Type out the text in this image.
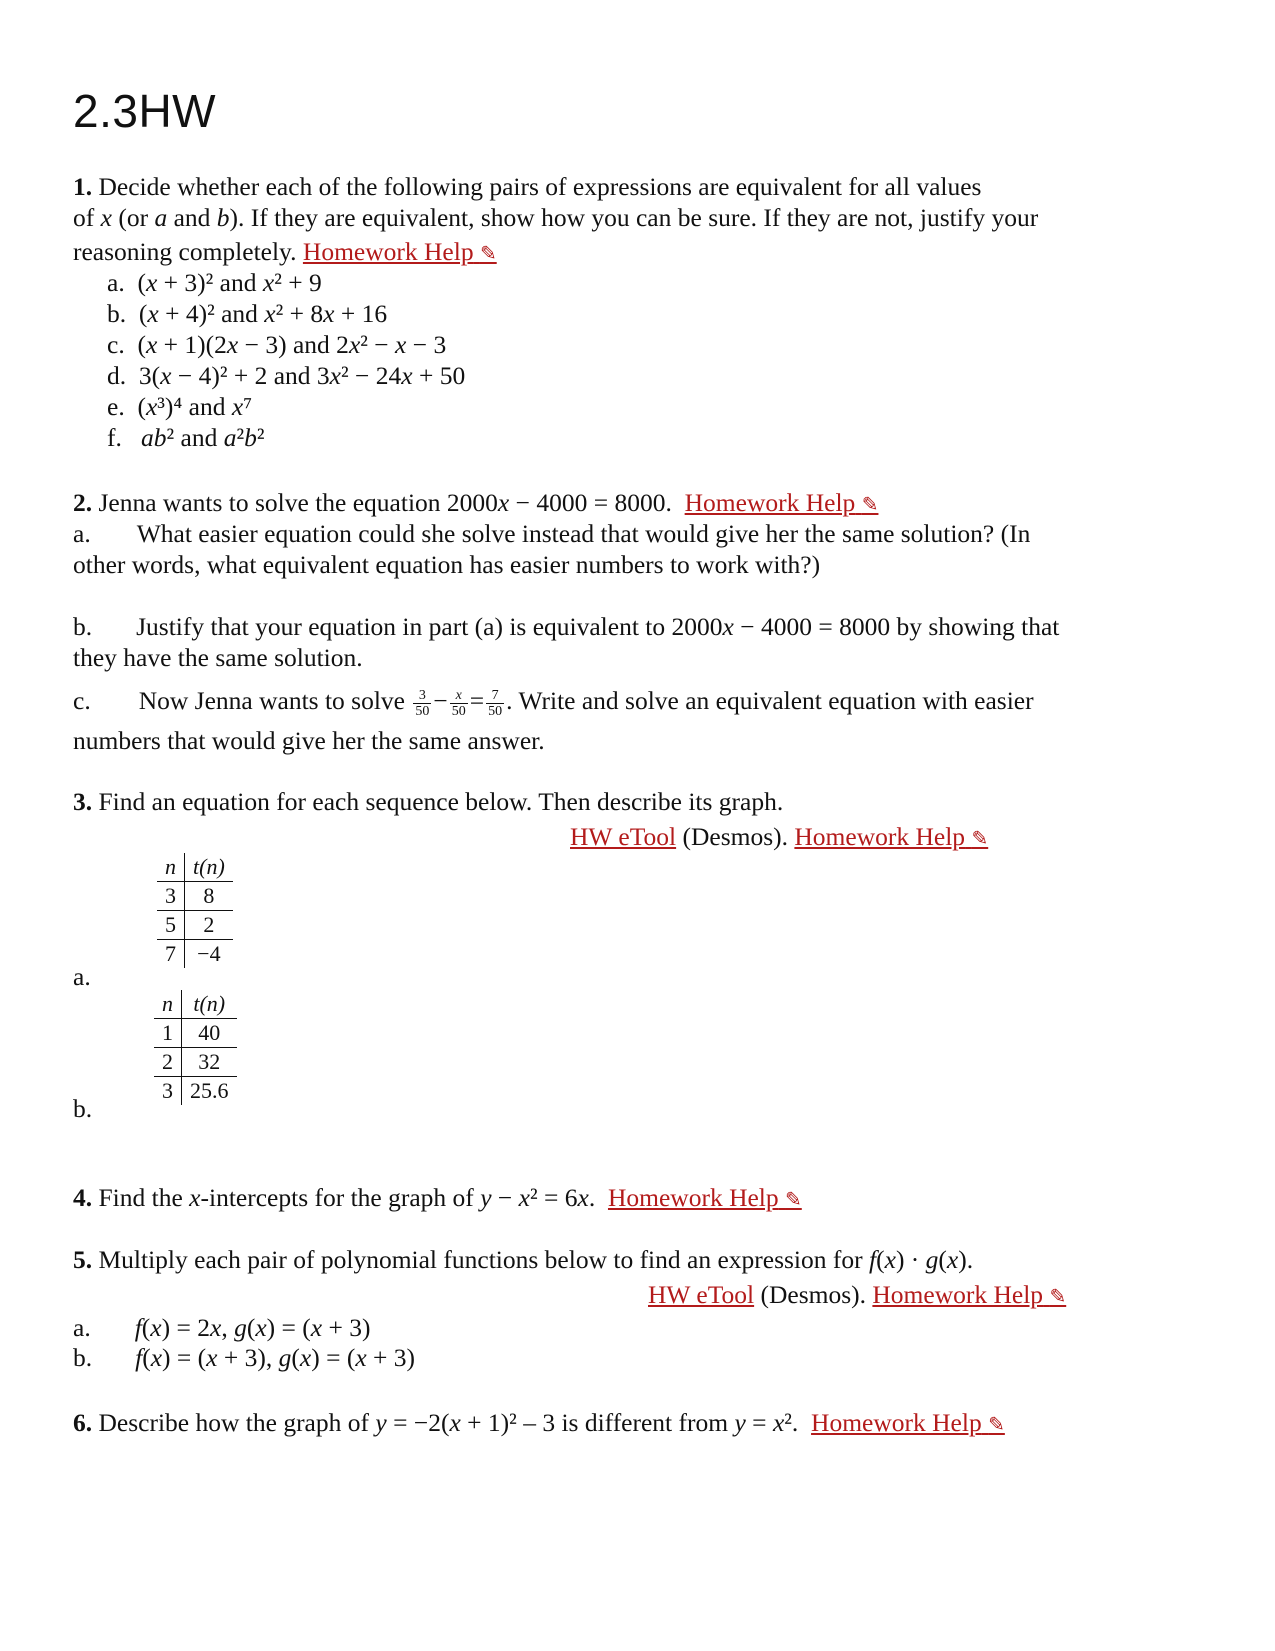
2.3HW
1. Decide whether each of the following pairs of expressions are equivalent for all values
of x (or a and b). If they are equivalent, show how you can be sure. If they are not, justify your
reasoning completely. Homework Help ✎
a.  (x + 3)² and x² + 9
b.  (x + 4)² and x² + 8x + 16
c.  (x + 1)(2x − 3) and 2x² − x − 3
d.  3(x − 4)² + 2 and 3x² − 24x + 50
e.  (x³)⁴ and x⁷
f. ab² and a²b²
2. Jenna wants to solve the equation 2000x − 4000 = 8000.  Homework Help ✎
a. What easier equation could she solve instead that would give her the same solution? (In
other words, what equivalent equation has easier numbers to work with?)
b. Justify that your equation in part (a) is equivalent to 2000x − 4000 = 8000 by showing that
they have the same solution.
c. Now Jenna wants to solve $\frac{3}{50} - \frac{x}{50} = \frac{7}{50}$ . Write and solve an equivalent equation with easier
numbers that would give her the same answer.
3. Find an equation for each sequence below. Then describe its graph.
HW eTool (Desmos). Homework Help ✎
n	t(n)
3	8
5	2
7	−4
a.
n	t(n)
1	40
2	32
3	25.6
b.
4. Find the x-intercepts for the graph of y − x² = 6x.  Homework Help ✎
5. Multiply each pair of polynomial functions below to find an expression for f(x) · g(x).
HW eTool (Desmos). Homework Help ✎
a. f(x) = 2x, g(x) = (x + 3)
b. f(x) = (x + 3), g(x) = (x + 3)
6. Describe how the graph of y = −2(x + 1)² – 3 is different from y = x².  Homework Help ✎
